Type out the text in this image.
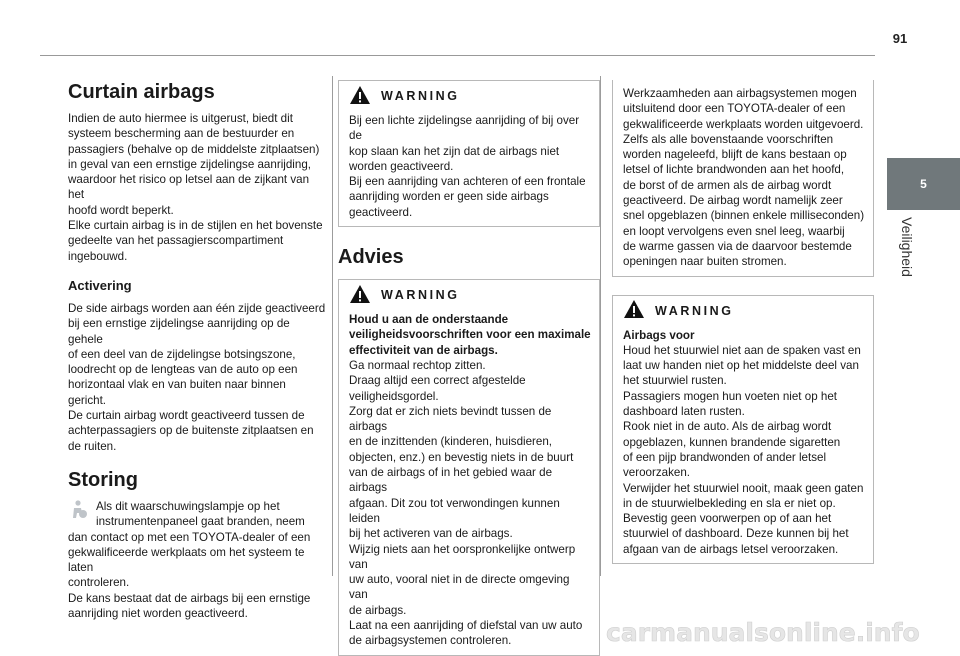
91
5
Veiligheid
Curtain airbags
Indien de auto hiermee is uitgerust, biedt dit
systeem bescherming aan de bestuurder en
passagiers (behalve op de middelste zitplaatsen)
in geval van een ernstige zijdelingse aanrijding,
waardoor het risico op letsel aan de zijkant van het
hoofd wordt beperkt.
Elke curtain airbag is in de stijlen en het bovenste
gedeelte van het passagierscompartiment
ingebouwd.
Activering
De side airbags worden aan één zijde geactiveerd
bij een ernstige zijdelingse aanrijding op de gehele
of een deel van de zijdelingse botsingszone,
loodrecht op de lengteas van de auto op een
horizontaal vlak en van buiten naar binnen gericht.
De curtain airbag wordt geactiveerd tussen de
achterpassagiers op de buitenste zitplaatsen en
de ruiten.
Storing
Als dit waarschuwingslampje op het
instrumentenpaneel gaat branden, neem
dan contact op met een TOYOTA-dealer of een
gekwalificeerde werkplaats om het systeem te laten
controleren.
De kans bestaat dat de airbags bij een ernstige
aanrijding niet worden geactiveerd.
WARNING
Bij een lichte zijdelingse aanrijding of bij over de
kop slaan kan het zijn dat de airbags niet
worden geactiveerd.
Bij een aanrijding van achteren of een frontale
aanrijding worden er geen side airbags
geactiveerd.
Advies
WARNING
Houd u aan de onderstaande
veiligheidsvoorschriften voor een maximale
effectiviteit van de airbags.
Ga normaal rechtop zitten.
Draag altijd een correct afgestelde
veiligheidsgordel.
Zorg dat er zich niets bevindt tussen de airbags
en de inzittenden (kinderen, huisdieren,
objecten, enz.) en bevestig niets in de buurt
van de airbags of in het gebied waar de airbags
afgaan. Dit zou tot verwondingen kunnen leiden
bij het activeren van de airbags.
Wijzig niets aan het oorspronkelijke ontwerp van
uw auto, vooral niet in de directe omgeving van
de airbags.
Laat na een aanrijding of diefstal van uw auto
de airbagsystemen controleren.
Werkzaamheden aan airbagsystemen mogen
uitsluitend door een TOYOTA-dealer of een
gekwalificeerde werkplaats worden uitgevoerd.
Zelfs als alle bovenstaande voorschriften
worden nageleefd, blijft de kans bestaan op
letsel of lichte brandwonden aan het hoofd,
de borst of de armen als de airbag wordt
geactiveerd. De airbag wordt namelijk zeer
snel opgeblazen (binnen enkele milliseconden)
en loopt vervolgens even snel leeg, waarbij
de warme gassen via de daarvoor bestemde
openingen naar buiten stromen.
WARNING
Airbags voor
Houd het stuurwiel niet aan de spaken vast en
laat uw handen niet op het middelste deel van
het stuurwiel rusten.
Passagiers mogen hun voeten niet op het
dashboard laten rusten.
Rook niet in de auto. Als de airbag wordt
opgeblazen, kunnen brandende sigaretten
of een pijp brandwonden of ander letsel
veroorzaken.
Verwijder het stuurwiel nooit, maak geen gaten
in de stuurwielbekleding en sla er niet op.
Bevestig geen voorwerpen op of aan het
stuurwiel of dashboard. Deze kunnen bij het
afgaan van de airbags letsel veroorzaken.
carmanualsonline.info
